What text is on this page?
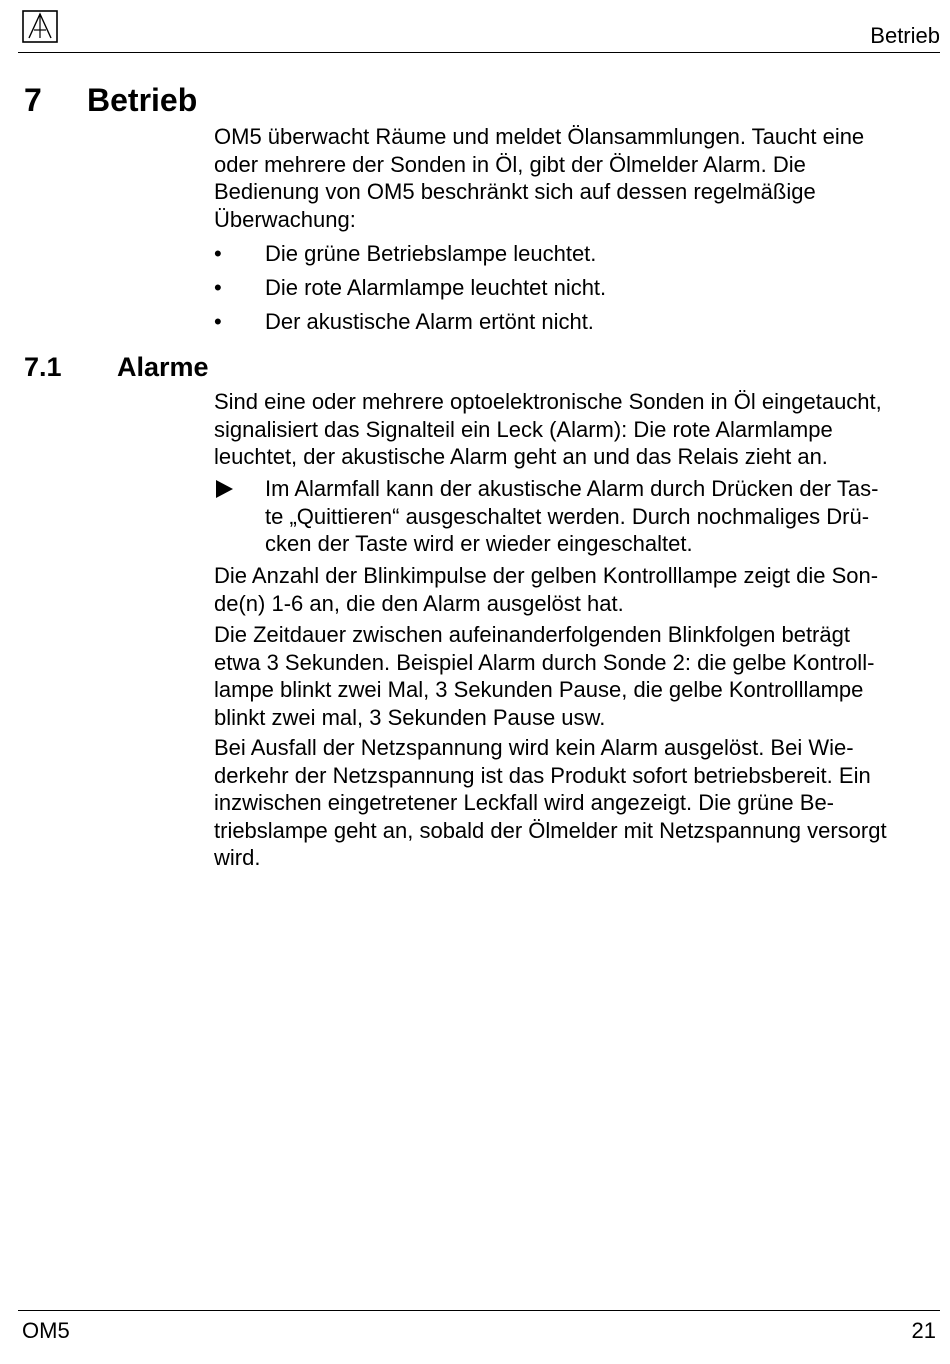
Betrieb
7 Betrieb
OM5 überwacht Räume und meldet Ölansammlungen. Taucht eine
oder mehrere der Sonden in Öl, gibt der Ölmelder Alarm. Die
Bedienung von OM5 beschränkt sich auf dessen regelmäßige
Überwachung:
• Die grüne Betriebslampe leuchtet.
• Die rote Alarmlampe leuchtet nicht.
• Der akustische Alarm ertönt nicht.
7.1 Alarme
Sind eine oder mehrere optoelektronische Sonden in Öl eingetaucht,
signalisiert das Signalteil ein Leck (Alarm): Die rote Alarmlampe
leuchtet, der akustische Alarm geht an und das Relais zieht an.
Im Alarmfall kann der akustische Alarm durch Drücken der Tas-
te „Quittieren“ ausgeschaltet werden. Durch nochmaliges Drü-
cken der Taste wird er wieder eingeschaltet.
Die Anzahl der Blinkimpulse der gelben Kontrolllampe zeigt die Son-
de(n) 1-6 an, die den Alarm ausgelöst hat.
Die Zeitdauer zwischen aufeinanderfolgenden Blinkfolgen beträgt
etwa 3 Sekunden. Beispiel Alarm durch Sonde 2: die gelbe Kontroll-
lampe blinkt zwei Mal, 3 Sekunden Pause, die gelbe Kontrolllampe
blinkt zwei mal, 3 Sekunden Pause usw.
Bei Ausfall der Netzspannung wird kein Alarm ausgelöst. Bei Wie-
derkehr der Netzspannung ist das Produkt sofort betriebsbereit. Ein
inzwischen eingetretener Leckfall wird angezeigt. Die grüne Be-
triebslampe geht an, sobald der Ölmelder mit Netzspannung versorgt
wird.
OM5	21
